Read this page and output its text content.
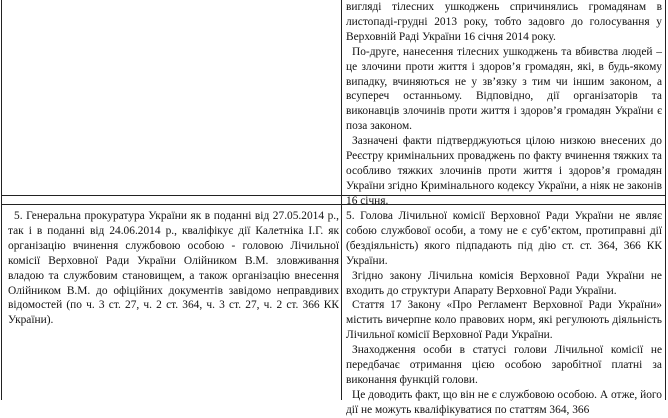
вигляді тілесних ушкоджень спричинялись громадянам в листопаді-грудні 2013 року, тобто задовго до голосування у Верховній Раді України 16 січня 2014 року.

По-друге, нанесення тілесних ушкоджень та вбивства людей – це злочини проти життя і здоров’я громадян, які, в будь-якому випадку, вчиняються не у зв’язку з тим чи іншим законом, а всупереч останньому. Відповідно, дії організаторів та виконавців злочинів проти життя і здоров’я громадян України є поза законом.

Зазначені факти підтверджуються цілою низкою внесених до Реєстру кримінальних проваджень по факту вчинення тяжких та особливо тяжких злочинів проти життя і здоров’я громадян України згідно Кримінального кодексу України, а ніяк не законів 16 січня.

5. Генеральна прокуратура України як в поданні від 27.05.2014 р., так і в поданні від 24.06.2014 р., кваліфікує дії Калетніка І.Г. як організацію вчинення службовою особою - головою Лічильної комісії Верховної Ради України Олійником В.М. зловживання владою та службовим становищем, а також організацію внесення Олійником В.М. до офіційних документів завідомо неправдивих відомостей (по ч. 3 ст. 27, ч. 2 ст. 364, ч. 3 ст. 27, ч. 2 ст. 366 КК України).

5. Голова Лічильної комісії Верховної Ради України не являє собою службової особи, а тому не є суб’єктом, протиправні дії (бездіяльність) якого підпадають під дію ст. ст. 364, 366 КК України.

Згідно закону Лічильна комісія Верховної Ради України не входить до структури Апарату Верховної Ради України.

Стаття 17 Закону «Про Регламент Верховної Ради України» містить вичерпне коло правових норм, які регулюють діяльність Лічильної комісії Верховної Ради України.

Знаходження особи в статусі голови Лічильної комісії не передбачає отримання цією особою заробітної платні за виконання функцій голови.

Це доводить факт, що він не є службовою особою. А отже, його дії не можуть кваліфікуватися по статтям 364, 366
